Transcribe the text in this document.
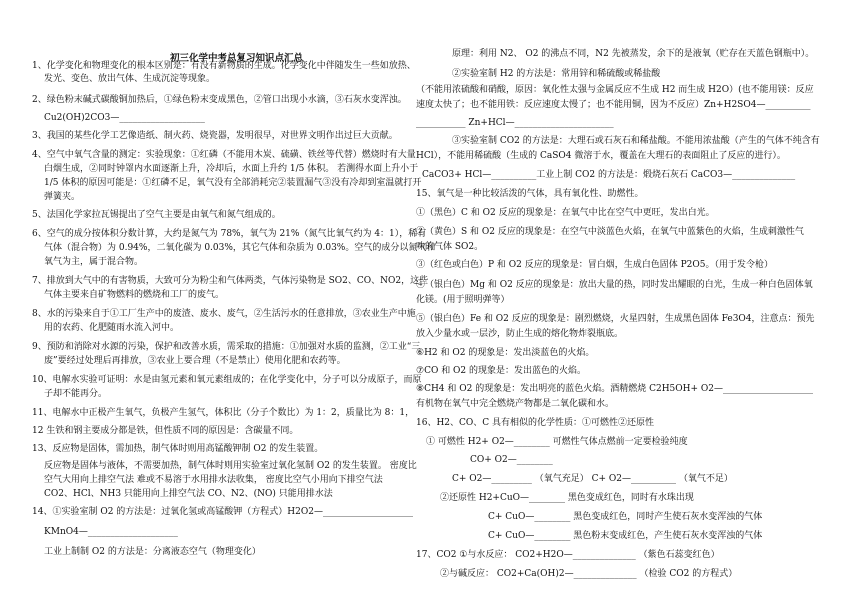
初三化学中考总复习知识点汇总
1、化学变化和物理变化的根本区别是：有没有新物质的生成。化学变化中伴随发生一些如放热、
发光、变色、放出气体、生成沉淀等现象。
2、绿色粉末碱式碳酸铜加热后，①绿色粉末变成黑色，②管口出现小水滴，③石灰水变浑浊。
Cu2(OH)2CO3—___________________
3、我国的某些化学工艺像造纸、制火药、烧瓷器，发明很早，对世界文明作出过巨大贡献。
4、空气中氧气含量的测定：实验现象：①红磷（不能用木炭、硫磺、铁丝等代替）燃烧时有大量
白烟生成，②同时钟罩内水面逐渐上升，冷却后，水面上升约 1/5 体积。 若测得水面上升小于
1/5 体积的原因可能是：①红磷不足，氧气没有全部消耗完②装置漏气③没有冷却到室温就打开
弹簧夹。
5、法国化学家拉瓦锡提出了空气主要是由氧气和氮气组成的。
6、空气的成分按体积分数计算，大约是氮气为 78%，氧气为 21%（氮气比氧气约为 4：1），稀有
气体（混合物）为 0.94%，二氧化碳为 0.03%，其它气体和杂质为 0.03%。空气的成分以氮气和
氧气为主，属于混合物。
7、排放到大气中的有害物质，大致可分为粉尘和气体两类，气体污染物是 SO2、CO、NO2，这些
气体主要来自矿物燃料的燃烧和工厂的废气。
8、水的污染来自于①工厂生产中的废渣、废水、废气，②生活污水的任意排放，③农业生产中施
用的农药、化肥随雨水流入河中。
9、预防和消除对水源的污染，保护和改善水质，需采取的措施：①加强对水质的监测，②工业“三
废”要经过处理后再排放，③农业上要合理（不是禁止）使用化肥和农药等。
10、电解水实验可证明：水是由氢元素和氧元素组成的；在化学变化中，分子可以分成原子，而原
子却不能再分。
11、电解水中正极产生氧气，负极产生氢气，体积比（分子个数比）为 1：2，质量比为 8：1，
12 生铁和钢主要成分都是铁，但性质不同的原因是：含碳量不同。
13、反应物是固体，需加热，制气体时则用高锰酸钾制 O2 的发生装置。
反应物是固体与液体，不需要加热，制气体时则用实验室过氧化氢制 O2 的发生装置。 密度比
空气大用向上排空气法 难或不易溶于水用排水法收集， 密度比空气小用向下排空气法
CO2、HCl、NH3 只能用向上排空气法 CO、N2、(NO) 只能用排水法
14、①实验室制 O2 的方法是：过氧化氢或高锰酸钾（方程式）H2O2—____________________
KMnO4—____________________
工业上制制 O2 的方法是：分离液态空气（物理变化）
原理：利用 N2、 O2 的沸点不同，N2 先被蒸发，余下的是液氧（贮存在天蓝色钢瓶中）。
②实验室制 H2 的方法是：常用锌和稀硫酸或稀盐酸
（不能用浓硫酸和硝酸，原因：氧化性太强与金属反应不生成 H2 而生成 H2O）(也不能用镁：反应
速度太快了；也不能用铁：反应速度太慢了；也不能用铜，因为不反应）Zn+H2SO4—__________
___________ Zn+HCl—______________________
③实验室制 CO2 的方法是：大理石或石灰石和稀盐酸。不能用浓盐酸（产生的气体不纯含有
HCl），不能用稀硫酸（生成的 CaSO4 微溶于水，覆盖在大理石的表面阻止了反应的进行）。
CaCO3+ HCl—__________工业上制 CO2 的方法是：煅烧石灰石 CaCO3—______________
15、氧气是一种比较活泼的气体，具有氧化性、助燃性。
①（黑色）C 和 O2 反应的现象是：在氧气中比在空气中更旺，发出白光。
②（黄色）S 和 O2 反应的现象是：在空气中淡蓝色火焰，在氧气中蓝紫色的火焰，生成刺激性气
味的气体 SO2。
③（红色或白色）P 和 O2 反应的现象是：冒白烟，生成白色固体 P2O5。（用于发令枪）
④（银白色）Mg 和 O2 反应的现象是：放出大量的热，同时发出耀眼的白光，生成一种白色固体氧
化镁。(用于照明弹等）
⑤（银白色）Fe 和 O2 反应的现象是：剧烈燃烧，火星四射，生成黑色固体 Fe3O4，注意点：预先
放入少量水或一层沙，防止生成的熔化物炸裂瓶底。
⑥H2 和 O2 的现象是：发出淡蓝色的火焰。
⑦CO 和 O2 的现象是：发出蓝色的火焰。
⑧CH4 和 O2 的现象是：发出明亮的蓝色火焰。酒精燃烧 C2H5OH+ O2—____________________
有机物在氧气中完全燃烧产物都是二氧化碳和水。
16、H2、CO、C 具有相似的化学性质：①可燃性②还原性
① 可燃性 H2+ O2—________ 可燃性气体点燃前一定要检验纯度
CO+ O2—________
C+ O2—_________ （氧气充足） C+ O2—__________ （氧气不足）
②还原性 H2+CuO—________ 黑色变成红色，同时有水珠出现
C+ CuO—________ 黑色变成红色，同时产生使石灰水变浑浊的气体
C+ CuO—________ 黑色粉末变成红色，产生使石灰水变浑浊的气体
17、CO2 ①与水反应： CO2+H2O—______________ （紫色石蕊变红色）
②与碱反应： CO2+Ca(OH)2—______________ （检验 CO2 的方程式）
